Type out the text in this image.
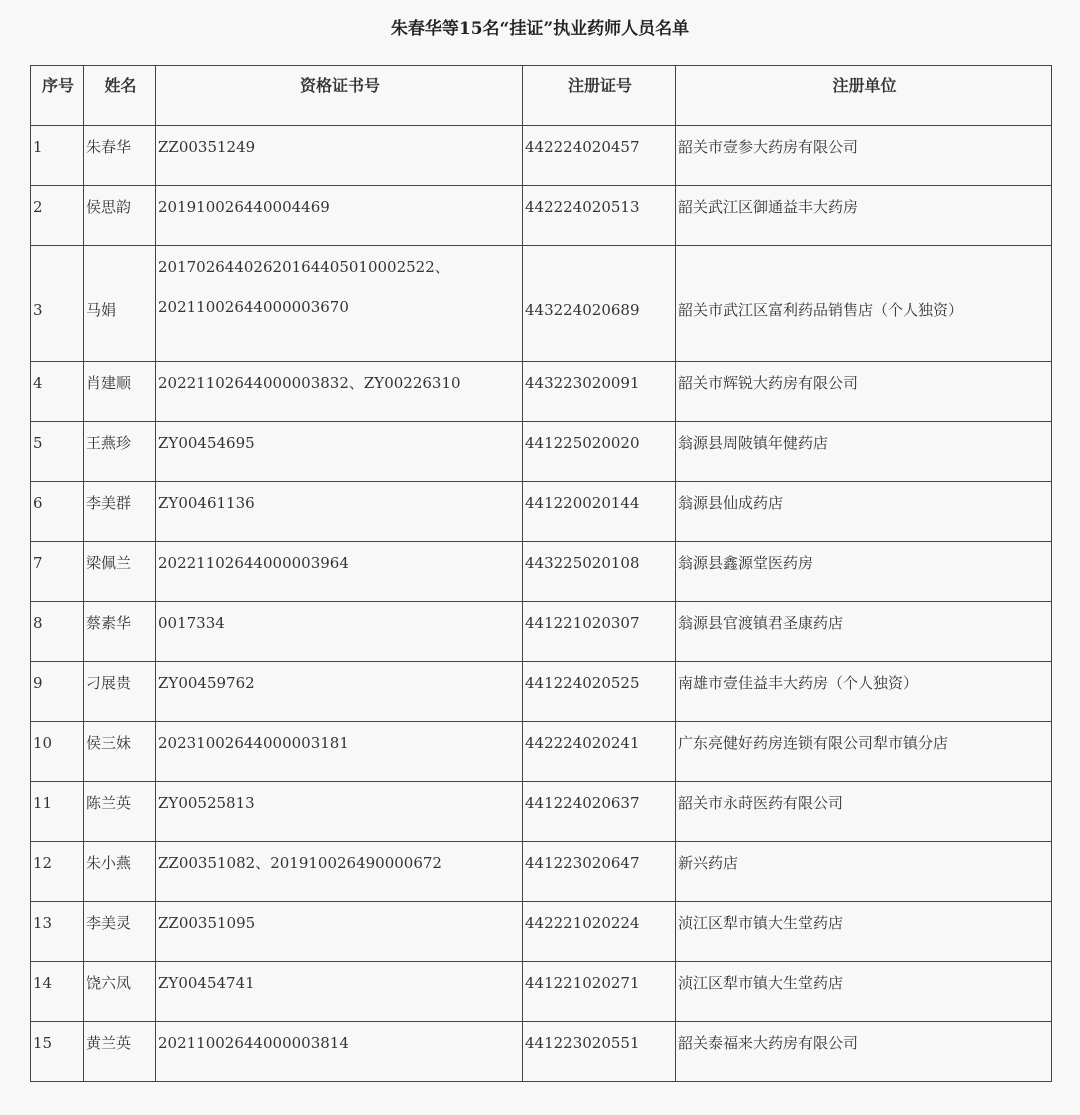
朱春华等15名“挂证”执业药师人员名单
序号	姓名	资格证书号	注册证号	注册单位
1	朱春华	ZZ00351249	442224020457	韶关市壹参大药房有限公司
2	侯思韵	201910026440004469	442224020513	韶关武江区御通益丰大药房
3	马娟	20170264402620164405010002522、
20211002644000003670	443224020689	韶关市武江区富利药品销售店（个人独资）
4	肖建顺	20221102644000003832、ZY00226310	443223020091	韶关市辉锐大药房有限公司
5	王燕珍	ZY00454695	441225020020	翁源县周陂镇年健药店
6	李美群	ZY00461136	441220020144	翁源县仙成药店
7	梁佩兰	20221102644000003964	443225020108	翁源县鑫源堂医药房
8	蔡素华	0017334	441221020307	翁源县官渡镇君圣康药店
9	刁展贵	ZY00459762	441224020525	南雄市壹佳益丰大药房（个人独资）
10	侯三妹	20231002644000003181	442224020241	广东亮健好药房连锁有限公司犁市镇分店
11	陈兰英	ZY00525813	441224020637	韶关市永莳医药有限公司
12	朱小燕	ZZ00351082、201910026490000672	441223020647	新兴药店
13	李美灵	ZZ00351095	442221020224	浈江区犁市镇大生堂药店
14	饶六凤	ZY00454741	441221020271	浈江区犁市镇大生堂药店
15	黄兰英	20211002644000003814	441223020551	韶关泰福来大药房有限公司
